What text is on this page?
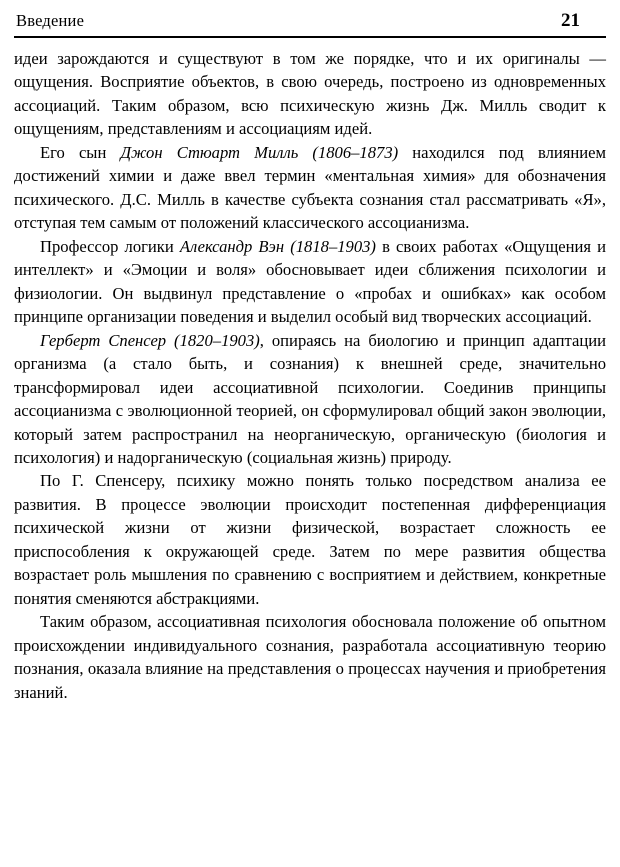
Введение	21

идеи зарождаются и существуют в том же порядке, что и их оригиналы — ощущения. Восприятие объектов, в свою очередь, построено из одновременных ассоциаций. Таким образом, всю психическую жизнь Дж. Милль сводит к ощущениям, представлениям и ассоциациям идей.

Его сын Джон Стюарт Милль (1806–1873) находился под влиянием достижений химии и даже ввел термин «ментальная химия» для обозначения психического. Д.С. Милль в качестве субъекта сознания стал рассматривать «Я», отступая тем самым от положений классического ассоцианизма.

Профессор логики Александр Вэн (1818–1903) в своих работах «Ощущения и интеллект» и «Эмоции и воля» обосновывает идеи сближения психологии и физиологии. Он выдвинул представление о «пробах и ошибках» как особом принципе организации поведения и выделил особый вид творческих ассоциаций.

Герберт Спенсер (1820–1903), опираясь на биологию и принцип адаптации организма (а стало быть, и сознания) к внешней среде, значительно трансформировал идеи ассоциативной психологии. Соединив принципы ассоцианизма с эволюционной теорией, он сформулировал общий закон эволюции, который затем распространил на неорганическую, органическую (биология и психология) и надорганическую (социальная жизнь) природу.

По Г. Спенсеру, психику можно понять только посредством анализа ее развития. В процессе эволюции происходит постепенная дифференциация психической жизни от жизни физической, возрастает сложность ее приспособления к окружающей среде. Затем по мере развития общества возрастает роль мышления по сравнению с восприятием и действием, конкретные понятия сменяются абстракциями.

Таким образом, ассоциативная психология обосновала положение об опытном происхождении индивидуального сознания, разработала ассоциативную теорию познания, оказала влияние на представления о процессах научения и приобретения знаний.
